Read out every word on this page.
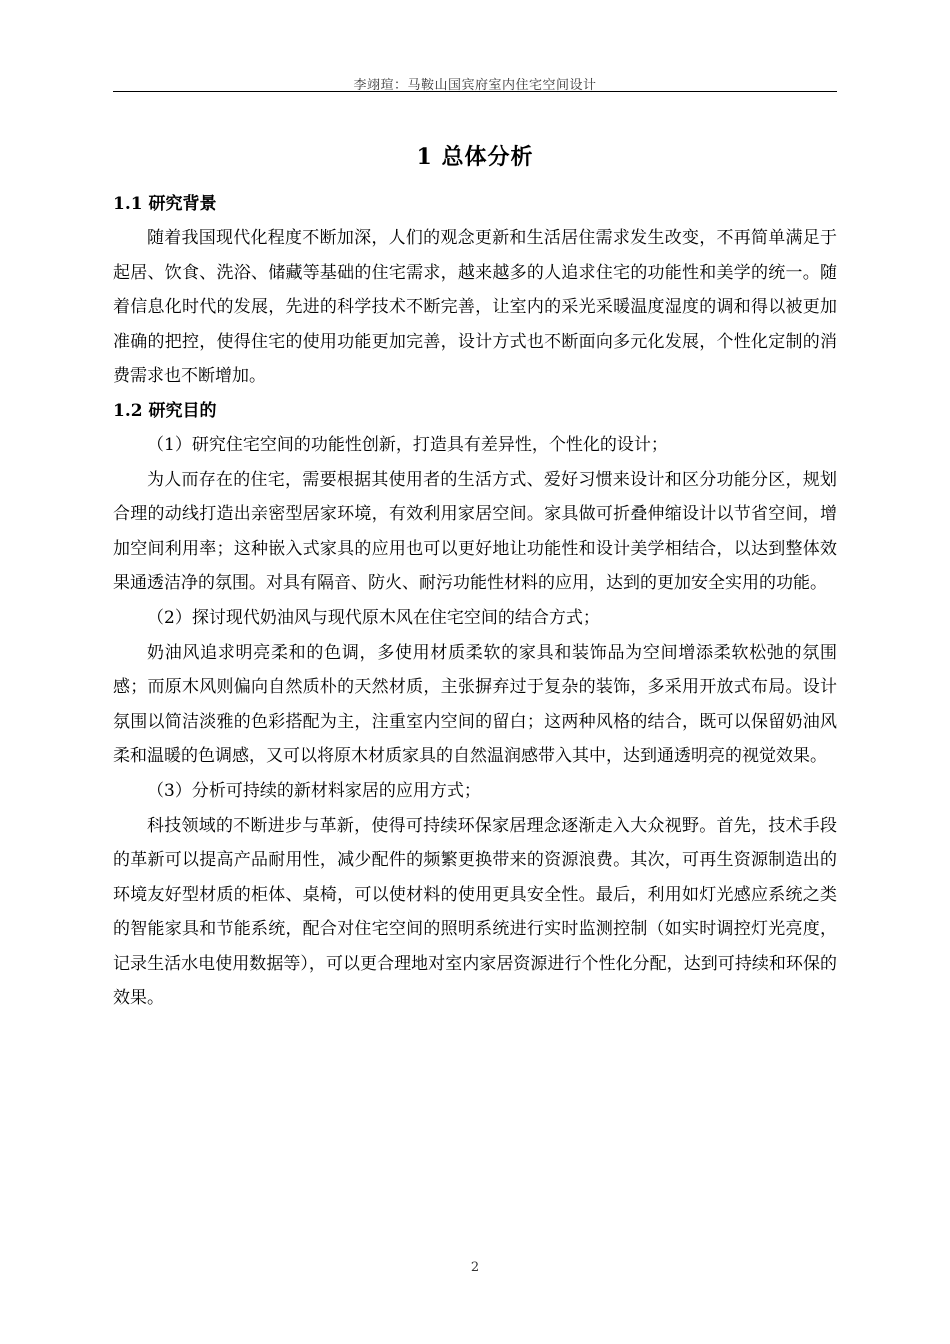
李翊瑄：马鞍山国宾府室内住宅空间设计
1 总体分析

1.1 研究背景

随着我国现代化程度不断加深，人们的观念更新和生活居住需求发生改变，不再简单满足于起居、饮食、洗浴、储藏等基础的住宅需求，越来越多的人追求住宅的功能性和美学的统一。随着信息化时代的发展，先进的科学技术不断完善，让室内的采光采暖温度湿度的调和得以被更加准确的把控，使得住宅的使用功能更加完善，设计方式也不断面向多元化发展，个性化定制的消费需求也不断增加。

1.2 研究目的

（1）研究住宅空间的功能性创新，打造具有差异性，个性化的设计；

为人而存在的住宅，需要根据其使用者的生活方式、爱好习惯来设计和区分功能分区，规划合理的动线打造出亲密型居家环境，有效利用家居空间。家具做可折叠伸缩设计以节省空间，增加空间利用率；这种嵌入式家具的应用也可以更好地让功能性和设计美学相结合，以达到整体效果通透洁净的氛围。对具有隔音、防火、耐污功能性材料的应用，达到的更加安全实用的功能。

（2）探讨现代奶油风与现代原木风在住宅空间的结合方式；

奶油风追求明亮柔和的色调，多使用材质柔软的家具和装饰品为空间增添柔软松弛的氛围感；而原木风则偏向自然质朴的天然材质，主张摒弃过于复杂的装饰，多采用开放式布局。设计氛围以简洁淡雅的色彩搭配为主，注重室内空间的留白；这两种风格的结合，既可以保留奶油风柔和温暖的色调感，又可以将原木材质家具的自然温润感带入其中，达到通透明亮的视觉效果。

（3）分析可持续的新材料家居的应用方式；

科技领域的不断进步与革新，使得可持续环保家居理念逐渐走入大众视野。首先，技术手段的革新可以提高产品耐用性，减少配件的频繁更换带来的资源浪费。其次，可再生资源制造出的环境友好型材质的柜体、桌椅，可以使材料的使用更具安全性。最后，利用如灯光感应系统之类的智能家具和节能系统，配合对住宅空间的照明系统进行实时监测控制（如实时调控灯光亮度，记录生活水电使用数据等），可以更合理地对室内家居资源进行个性化分配，达到可持续和环保的效果。

2
